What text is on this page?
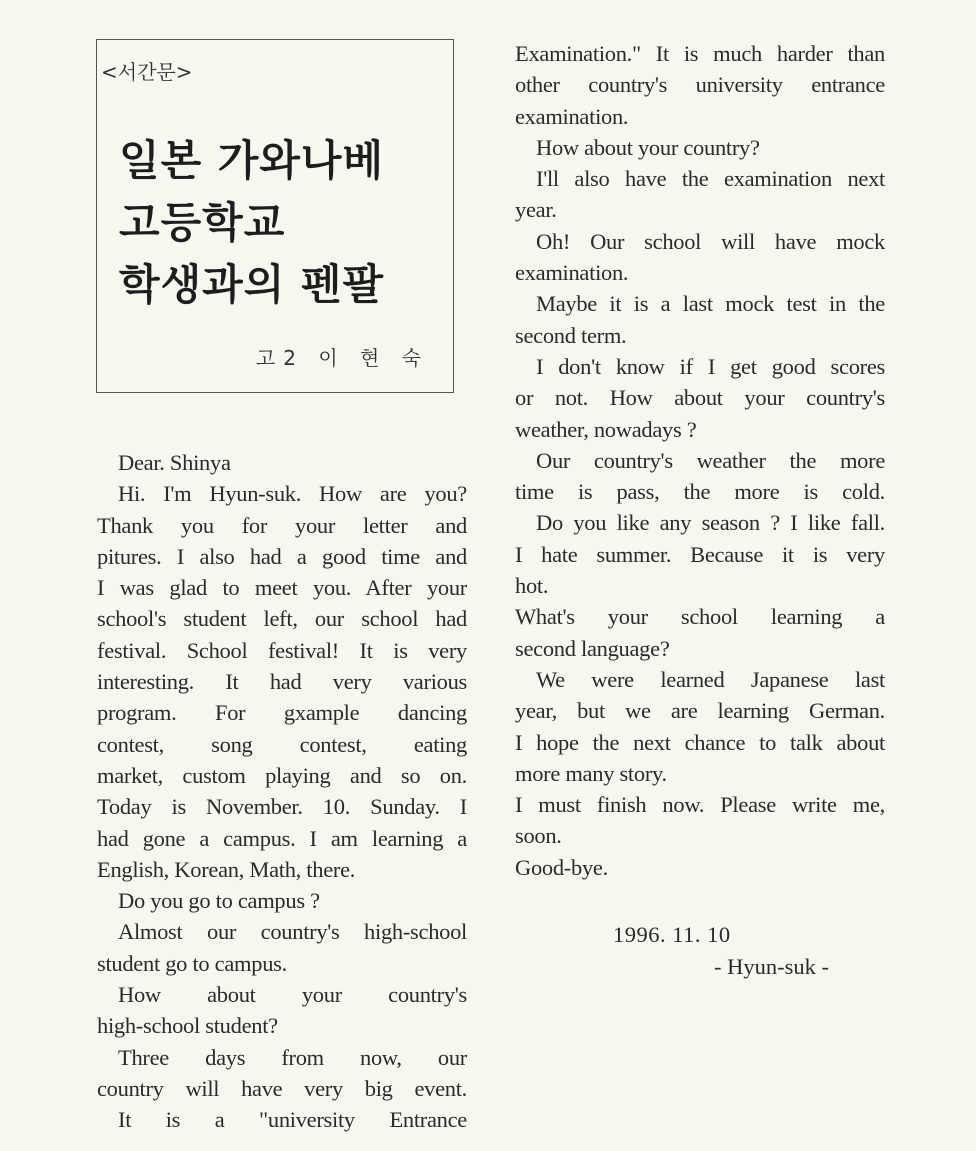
<서간문>
일본 가와나베
고등학교
학생과의 펜팔
고2 이 현 숙
Dear. Shinya
Hi. I'm Hyun-suk. How are you?
Thank you for your letter and
pitures. I also had a good time and
I was glad to meet you. After your
school's student left, our school had
festival. School festival! It is very
interesting. It had very various
program. For gxample dancing
contest, song contest, eating
market, custom playing and so on.
Today is November. 10. Sunday. I
had gone a campus. I am learning a
English, Korean, Math, there.
Do you go to campus ?
Almost our country's high-school
student go to campus.
How about your country's
high-school student?
Three days from now, our
country will have very big event.
It is a "university Entrance
Examination." It is much harder than
other country's university entrance
examination.
How about your country?
I'll also have the examination next
year.
Oh! Our school will have mock
examination.
Maybe it is a last mock test in the
second term.
I don't know if I get good scores
or not. How about your country's
weather, nowadays ?
Our country's weather the more
time is pass, the more is cold.
Do you like any season ? I like fall.
I hate summer. Because it is very
hot.
What's your school learning a
second language?
We were learned Japanese last
year, but we are learning German.
I hope the next chance to talk about
more many story.
I must finish now. Please write me,
soon.
Good-bye.
1996. 11. 10
- Hyun-suk -
